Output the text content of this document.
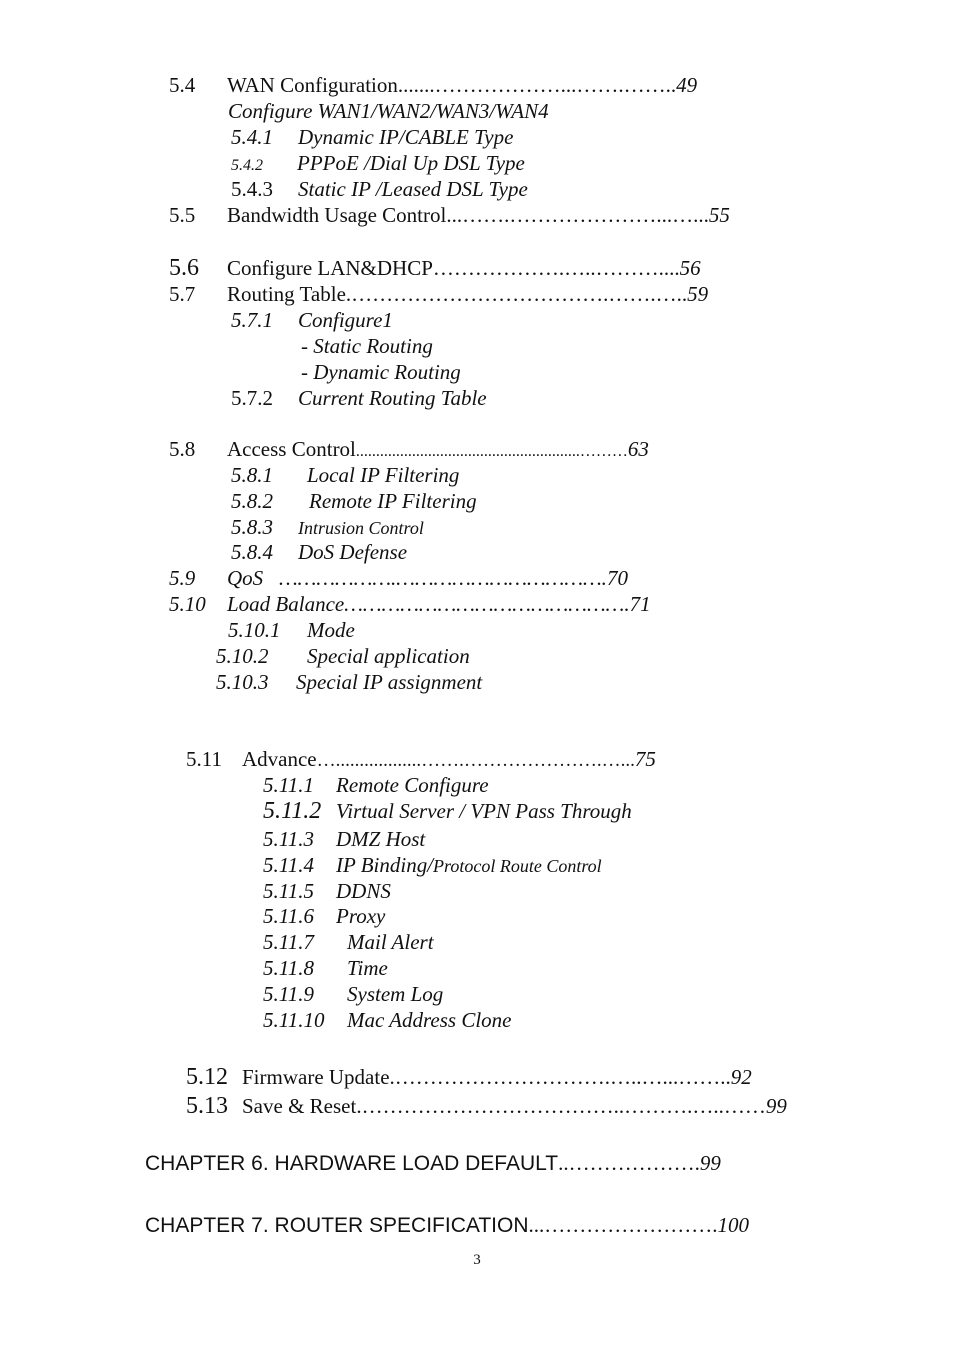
5.4 WAN Configuration.......………………...…….……..49
Configure WAN1/WAN2/WAN3/WAN4
5.4.1 Dynamic IP/CABLE Type
5.4.2 PPPoE /Dial Up DSL Type
5.4.3 Static IP /Leased DSL Type
5.5 Bandwidth Usage Control...…….…………………...…...55
5.6 Configure LAN&DHCP……………….…..………....56
5.7 Routing Table.……………………………….…….…..59
5.7.1 Configure1
- Static Routing
- Dynamic Routing
5.7.2 Current Routing Table
5.8 Access Control........................................................………63
5.8.1 Local IP Filtering
5.8.2 Remote IP Filtering
5.8.3 Intrusion Control
5.8.4 DoS Defense
5.9 QoS ……………….…………………………….70
5.10 Load Balance……………………………………….71
5.10.1 Mode
5.10.2 Special application
5.10.3 Special IP assignment
5.11 Advance…..................…….………………….…...75
5.11.1 Remote Configure
5.11.2 Virtual Server / VPN Pass Through
5.11.3 DMZ Host
5.11.4 IP Binding/Protocol Route Control
5.11.5 DDNS
5.11.6 Proxy
5.11.7 Mail Alert
5.11.8 Time
5.11.9 System Log
5.11.10 Mac Address Clone
5.12 Firmware Update.………………………….…..…...……..92
5.13 Save & Reset.………………………………..……….…..……99
CHAPTER 6. HARDWARE LOAD DEFAULT..……………….99
CHAPTER 7. ROUTER SPECIFICATION...…………………….100
3
